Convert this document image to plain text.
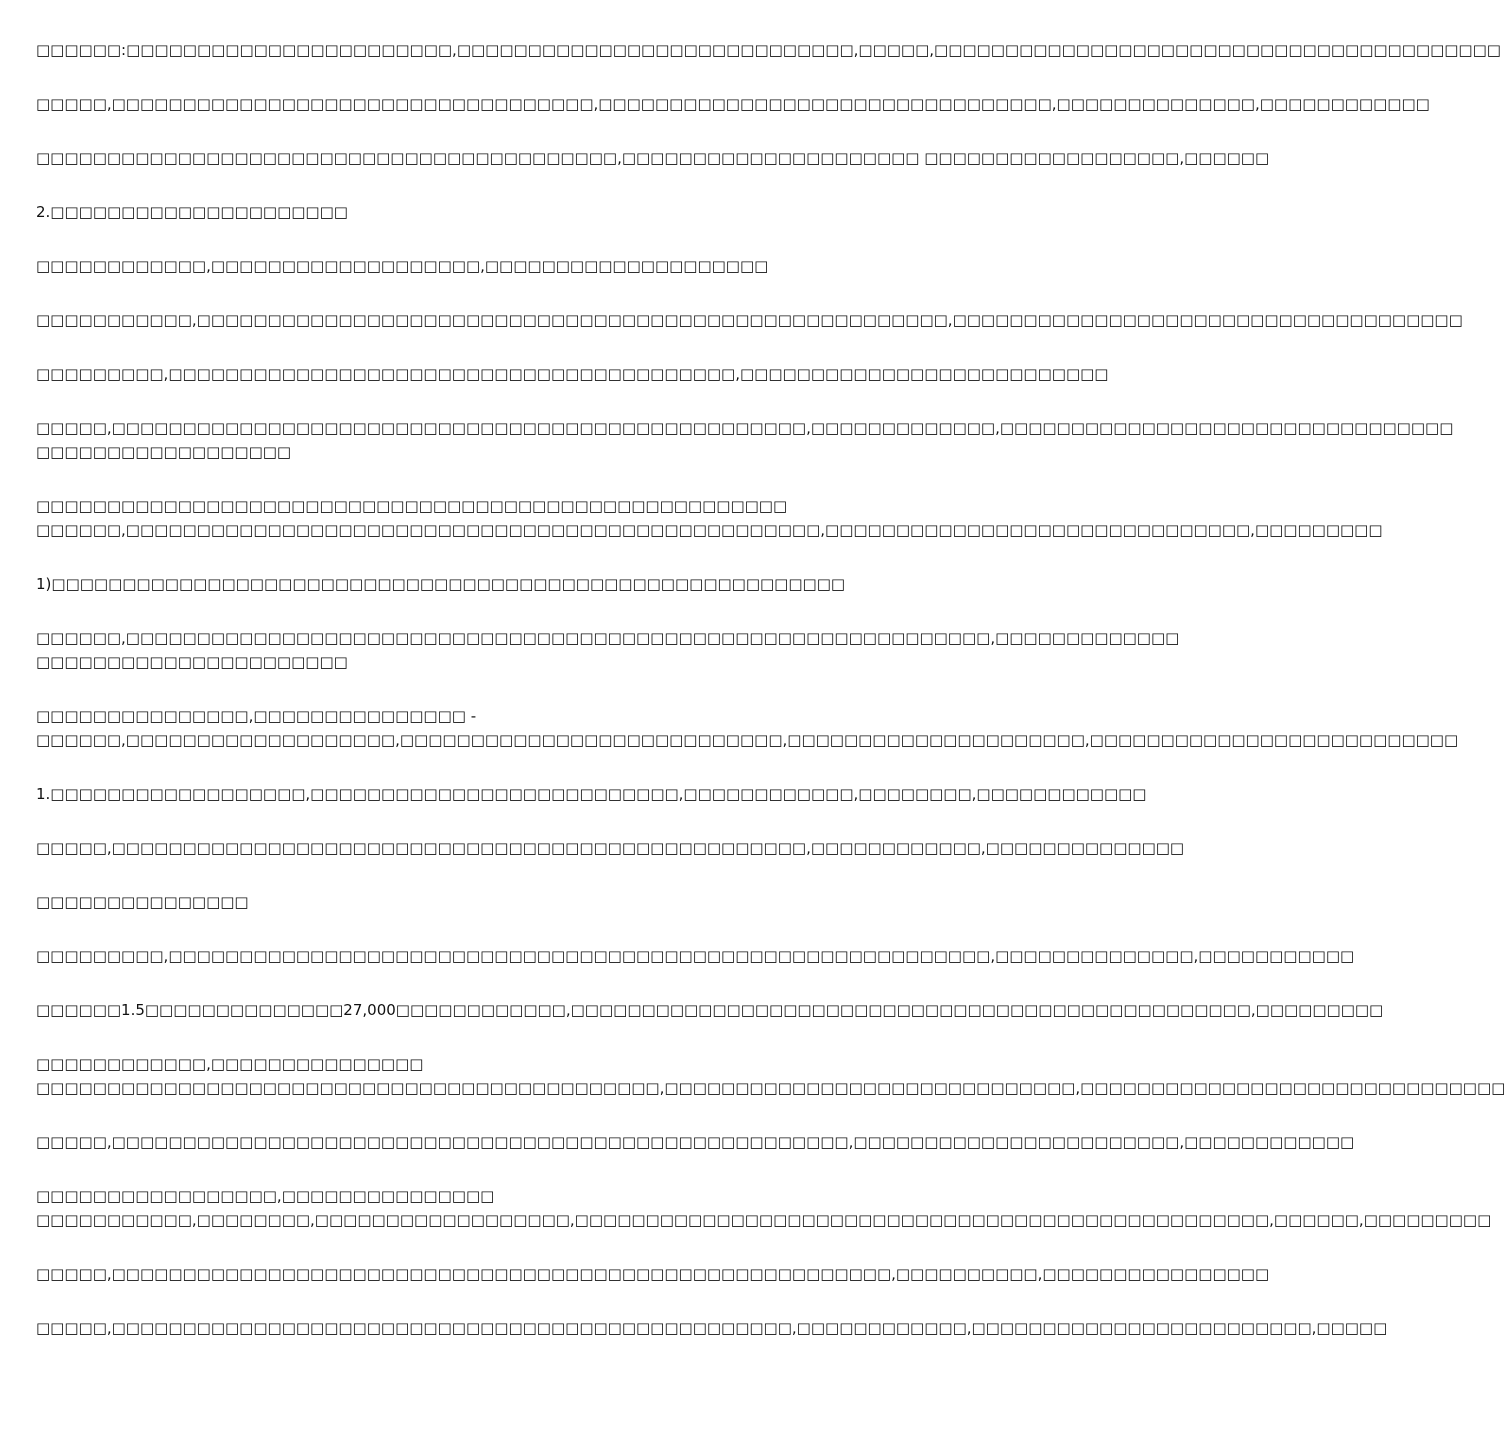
□□□□□□:□□□□□□□□□□□□□□□□□□□□□□□,□□□□□□□□□□□□□□□□□□□□□□□□□□□□,□□□□□,□□□□□□□□□□□□□□□□□□□□□□□□□□□□□□□□□□□□□□□□

□□□□□,□□□□□□□□□□□□□□□□□□□□□□□□□□□□□□□□□□,□□□□□□□□□□□□□□□□□□□□□□□□□□□□□□□□,□□□□□□□□□□□□□□,□□□□□□□□□□□□

□□□□□□□□□□□□□□□□□□□□□□□□□□□□□□□□□□□□□□□□□,□□□□□□□□□□□□□□□□□□□□□ □□□□□□□□□□□□□□□□□□,□□□□□□

2.□□□□□□□□□□□□□□□□□□□□□

□□□□□□□□□□□□,□□□□□□□□□□□□□□□□□□□,□□□□□□□□□□□□□□□□□□□□

□□□□□□□□□□□,□□□□□□□□□□□□□□□□□□□□□□□□□□□□□□□□□□□□□□□□□□□□□□□□□□□□□,□□□□□□□□□□□□□□□□□□□□□□□□□□□□□□□□□□□□

□□□□□□□□□,□□□□□□□□□□□□□□□□□□□□□□□□□□□□□□□□□□□□□□□□,□□□□□□□□□□□□□□□□□□□□□□□□□□

□□□□□,□□□□□□□□□□□□□□□□□□□□□□□□□□□□□□□□□□□□□□□□□□□□□□□□□,□□□□□□□□□□□□□,□□□□□□□□□□□□□□□□□□□□□□□□□□□□□□□□
□□□□□□□□□□□□□□□□□□

□□□□□□□□□□□□□□□□□□□□□□□□□□□□□□□□□□□□□□□□□□□□□□□□□□□□□
□□□□□□,□□□□□□□□□□□□□□□□□□□□□□□□□□□□□□□□□□□□□□□□□□□□□□□□□,□□□□□□□□□□□□□□□□□□□□□□□□□□□□□□,□□□□□□□□□

1)□□□□□□□□□□□□□□□□□□□□□□□□□□□□□□□□□□□□□□□□□□□□□□□□□□□□□□□□

□□□□□□,□□□□□□□□□□□□□□□□□□□□□□□□□□□□□□□□□□□□□□□□□□□□□□□□□□□□□□□□□□□□□,□□□□□□□□□□□□□
□□□□□□□□□□□□□□□□□□□□□□

□□□□□□□□□□□□□□□,□□□□□□□□□□□□□□□ -
□□□□□□,□□□□□□□□□□□□□□□□□□□,□□□□□□□□□□□□□□□□□□□□□□□□□□□,□□□□□□□□□□□□□□□□□□□□□,□□□□□□□□□□□□□□□□□□□□□□□□□□

1.□□□□□□□□□□□□□□□□□□,□□□□□□□□□□□□□□□□□□□□□□□□□□,□□□□□□□□□□□□,□□□□□□□□,□□□□□□□□□□□□

□□□□□,□□□□□□□□□□□□□□□□□□□□□□□□□□□□□□□□□□□□□□□□□□□□□□□□□,□□□□□□□□□□□□,□□□□□□□□□□□□□□

□□□□□□□□□□□□□□□

□□□□□□□□□,□□□□□□□□□□□□□□□□□□□□□□□□□□□□□□□□□□□□□□□□□□□□□□□□□□□□□□□□□□,□□□□□□□□□□□□□□,□□□□□□□□□□□

□□□□□□1.5□□□□□□□□□□□□□□27,000□□□□□□□□□□□□,□□□□□□□□□□□□□□□□□□□□□□□□□□□□□□□□□□□□□□□□□□□□□□□□,□□□□□□□□□

□□□□□□□□□□□□,□□□□□□□□□□□□□□□
□□□□□□□□□□□□□□□□□□□□□□□□□□□□□□□□□□□□□□□□□□□□,□□□□□□□□□□□□□□□□□□□□□□□□□□□□□,□□□□□□□□□□□□□□□□□□□□□□□□□□□□□□

□□□□□,□□□□□□□□□□□□□□□□□□□□□□□□□□□□□□□□□□□□□□□□□□□□□□□□□□□□,□□□□□□□□□□□□□□□□□□□□□□□,□□□□□□□□□□□□

□□□□□□□□□□□□□□□□□,□□□□□□□□□□□□□□□
□□□□□□□□□□□,□□□□□□□□,□□□□□□□□□□□□□□□□□□,□□□□□□□□□□□□□□□□□□□□□□□□□□□□□□□□□□□□□□□□□□□□□□□□□,□□□□□□,□□□□□□□□□

□□□□□,□□□□□□□□□□□□□□□□□□□□□□□□□□□□□□□□□□□□□□□□□□□□□□□□□□□□□□□,□□□□□□□□□□,□□□□□□□□□□□□□□□□

□□□□□,□□□□□□□□□□□□□□□□□□□□□□□□□□□□□□□□□□□□□□□□□□□□□□□□,□□□□□□□□□□□□,□□□□□□□□□□□□□□□□□□□□□□□□,□□□□□
